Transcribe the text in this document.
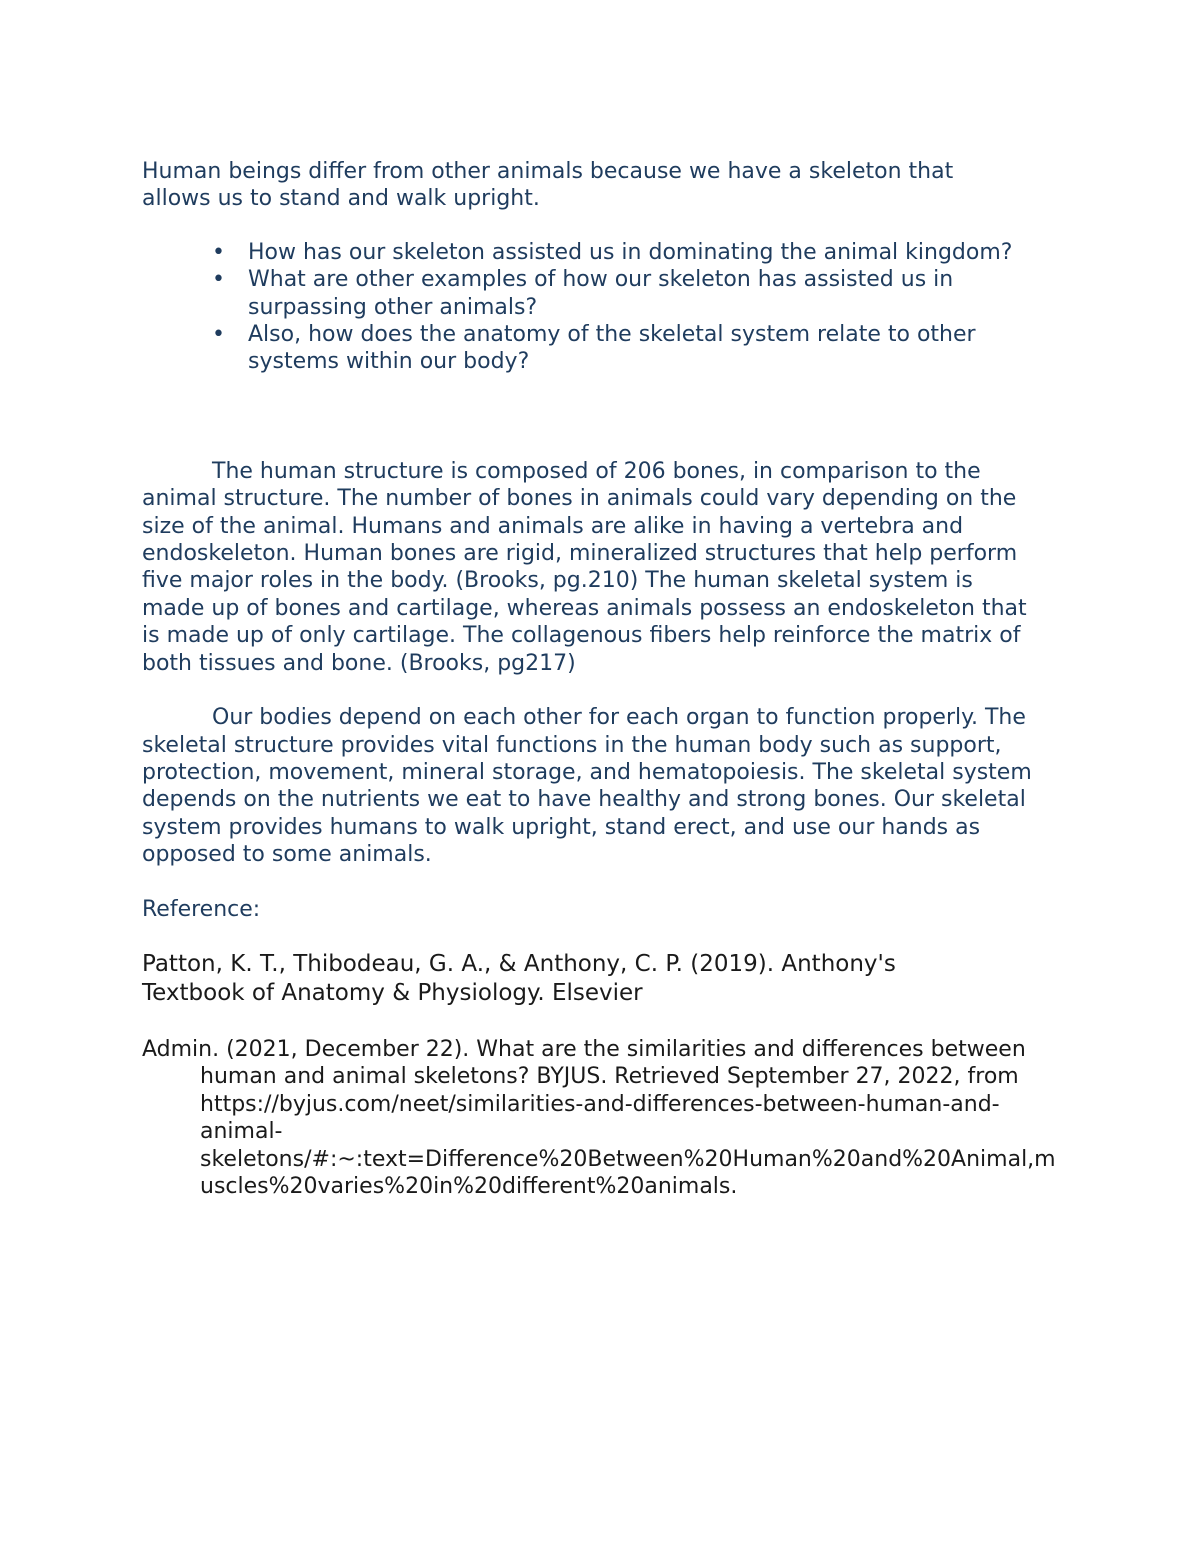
Human beings differ from other animals because we have a skeleton that allows us to stand and walk upright.

• How has our skeleton assisted us in dominating the animal kingdom?
• What are other examples of how our skeleton has assisted us in surpassing other animals?
• Also, how does the anatomy of the skeletal system relate to other systems within our body?

The human structure is composed of 206 bones, in comparison to the animal structure. The number of bones in animals could vary depending on the size of the animal. Humans and animals are alike in having a vertebra and endoskeleton. Human bones are rigid, mineralized structures that help perform five major roles in the body. (Brooks, pg.210) The human skeletal system is made up of bones and cartilage, whereas animals possess an endoskeleton that is made up of only cartilage. The collagenous fibers help reinforce the matrix of both tissues and bone. (Brooks, pg217)

Our bodies depend on each other for each organ to function properly. The skeletal structure provides vital functions in the human body such as support, protection, movement, mineral storage, and hematopoiesis. The skeletal system depends on the nutrients we eat to have healthy and strong bones. Our skeletal system provides humans to walk upright, stand erect, and use our hands as opposed to some animals.

Reference:

Patton, K. T., Thibodeau, G. A., & Anthony, C. P. (2019). Anthony's Textbook of Anatomy & Physiology. Elsevier

Admin. (2021, December 22). What are the similarities and differences between human and animal skeletons? BYJUS. Retrieved September 27, 2022, from https://byjus.com/neet/similarities-and-differences-between-human-and-animal-skeletons/#:~:text=Difference%20Between%20Human%20and%20Animal,muscles%20varies%20in%20different%20animals.
